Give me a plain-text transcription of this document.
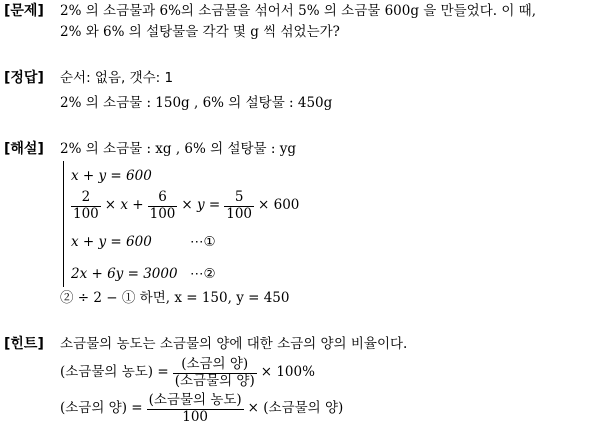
[문제] 2% 의 소금물과 6%의 소금물을 섞어서 5% 의 소금물 600g 을 만들었다. 이 때,
2% 와 6% 의 설탕물을 각각 몇 g 씩 섞었는가?
[정답] 순서: 없음, 갯수: 1
2% 의 소금물 : 150g , 6% 의 설탕물 : 450g
[해설] 2% 의 소금물 : xg , 6% 의 설탕물 : yg
x + y = 600
$\frac{2}{100} \times x + \frac{6}{100} \times y = \frac{5}{100} \times 600$
x + y = 600	⋯①
2x + 6y = 3000 ⋯②
② ÷ 2 − ① 하면, x = 150, y = 450
[힌트] 소금물의 농도는 소금물의 양에 대한 소금의 양의 비율이다.
(소금물의 농도) = $\frac{\text{(소금의 양)}}{\text{(소금물의 양)}} \times 100\%$
(소금의 양) = $\frac{\text{(소금물의 농도)}}{100}$ × (소금물의 양)
